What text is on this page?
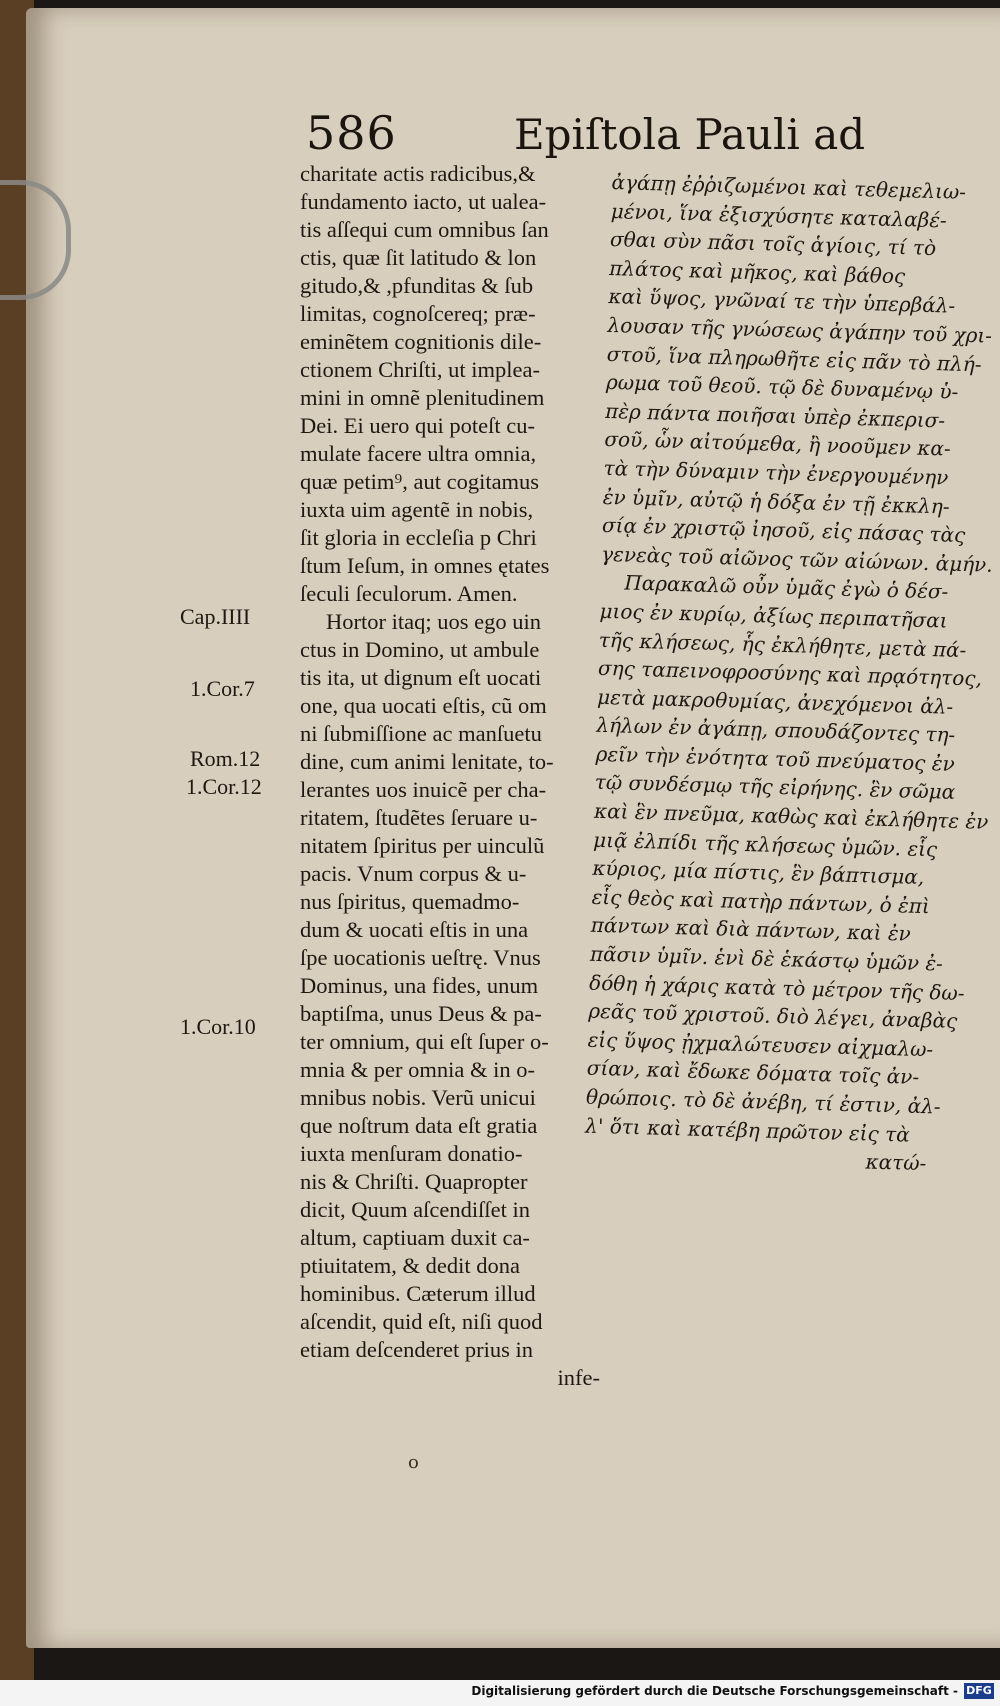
586	Epiſtola Pauli ad
Cap.IIII
1.Cor.7
Rom.12
1.Cor.12
1.Cor.10
charitate actis radicibus,&
fundamento iacto, ut ualea-
tis aſſequi cum omnibus ſan
ctis, quæ ſit latitudo & lon
gitudo,& ,pfunditas & ſub
limitas, cognoſcereq; præ-
eminẽtem cognitionis dile-
ctionem Chriſti, ut implea-
mini in omnẽ plenitudinem
Dei. Ei uero qui poteſt cu-
mulate facere ultra omnia,
quæ petim⁹, aut cogitamus
iuxta uim agentẽ in nobis,
ſit gloria in eccleſia p Chri
ſtum Ieſum, in omnes ętates
ſeculi ſeculorum. Amen.
Hortor itaq; uos ego uin
ctus in Domino, ut ambule
tis ita, ut dignum eſt uocati
one, qua uocati eſtis, cũ om
ni ſubmiſſione ac manſuetu
dine, cum animi lenitate, to-
lerantes uos inuicẽ per cha-
ritatem, ſtudẽtes ſeruare u-
nitatem ſpiritus per uinculũ
pacis. Vnum corpus & u-
nus ſpiritus, quemadmo-
dum & uocati eſtis in una
ſpe uocationis ueſtrę. Vnus
Dominus, una fides, unum
baptiſma, unus Deus & pa-
ter omnium, qui eſt ſuper o-
mnia & per omnia & in o-
mnibus nobis. Verũ unicui
que noſtrum data eſt gratia
iuxta menſuram donatio-
nis & Chriſti. Quapropter
dicit, Quum aſcendiſſet in
altum, captiuam duxit ca-
ptiuitatem, & dedit dona
hominibus. Cæterum illud
aſcendit, quid eſt, niſi quod
etiam deſcenderet prius in
infe-
ἀγάπῃ ἐῤῥιζωμένοι καὶ τεθεμελιω-
μένοι, ἵνα ἐξισχύσητε καταλαβέ-
σθαι σὺν πᾶσι τοῖς ἁγίοις, τί τὸ
πλάτος καὶ μῆκος, καὶ βάθος
καὶ ὕψος, γνῶναί τε τὴν ὑπερβάλ-
λουσαν τῆς γνώσεως ἀγάπην τοῦ χρι-
στοῦ, ἵνα πληρωθῆτε εἰς πᾶν τὸ πλή-
ρωμα τοῦ θεοῦ. τῷ δὲ δυναμένῳ ὑ-
πὲρ πάντα ποιῆσαι ὑπὲρ ἐκπερισ-
σοῦ, ὧν αἰτούμεθα, ἢ νοοῦμεν κα-
τὰ τὴν δύναμιν τὴν ἐνεργουμένην
ἐν ὑμῖν, αὐτῷ ἡ δόξα ἐν τῇ ἐκκλη-
σίᾳ ἐν χριστῷ ἰησοῦ, εἰς πάσας τὰς
γενεὰς τοῦ αἰῶνος τῶν αἰώνων. ἀμήν.
Παρακαλῶ οὖν ὑμᾶς ἐγὼ ὁ δέσ-
μιος ἐν κυρίῳ, ἀξίως περιπατῆσαι
τῆς κλήσεως, ἧς ἐκλήθητε, μετὰ πά-
σης ταπεινοφροσύνης καὶ πρᾳότητος,
μετὰ μακροθυμίας, ἀνεχόμενοι ἀλ-
λήλων ἐν ἀγάπῃ, σπουδάζοντες τη-
ρεῖν τὴν ἑνότητα τοῦ πνεύματος ἐν
τῷ συνδέσμῳ τῆς εἰρήνης. ἓν σῶμα
καὶ ἓν πνεῦμα, καθὼς καὶ ἐκλήθητε ἐν
μιᾷ ἐλπίδι τῆς κλήσεως ὑμῶν. εἷς
κύριος, μία πίστις, ἓν βάπτισμα,
εἷς θεὸς καὶ πατὴρ πάντων, ὁ ἐπὶ
πάντων καὶ διὰ πάντων, καὶ ἐν
πᾶσιν ὑμῖν. ἑνὶ δὲ ἑκάστῳ ὑμῶν ἐ-
δόθη ἡ χάρις κατὰ τὸ μέτρον τῆς δω-
ρεᾶς τοῦ χριστοῦ. διὸ λέγει, ἀναβὰς
εἰς ὕψος ᾐχμαλώτευσεν αἰχμαλω-
σίαν, καὶ ἔδωκε δόματα τοῖς ἀν-
θρώποις. τὸ δὲ ἀνέβη, τί ἐστιν, ἀλ-
λ' ὅτι καὶ κατέβη πρῶτον εἰς τὰ
κατώ-
o
Digitalisierung gefördert durch die Deutsche Forschungsgemeinschaft - DFG
